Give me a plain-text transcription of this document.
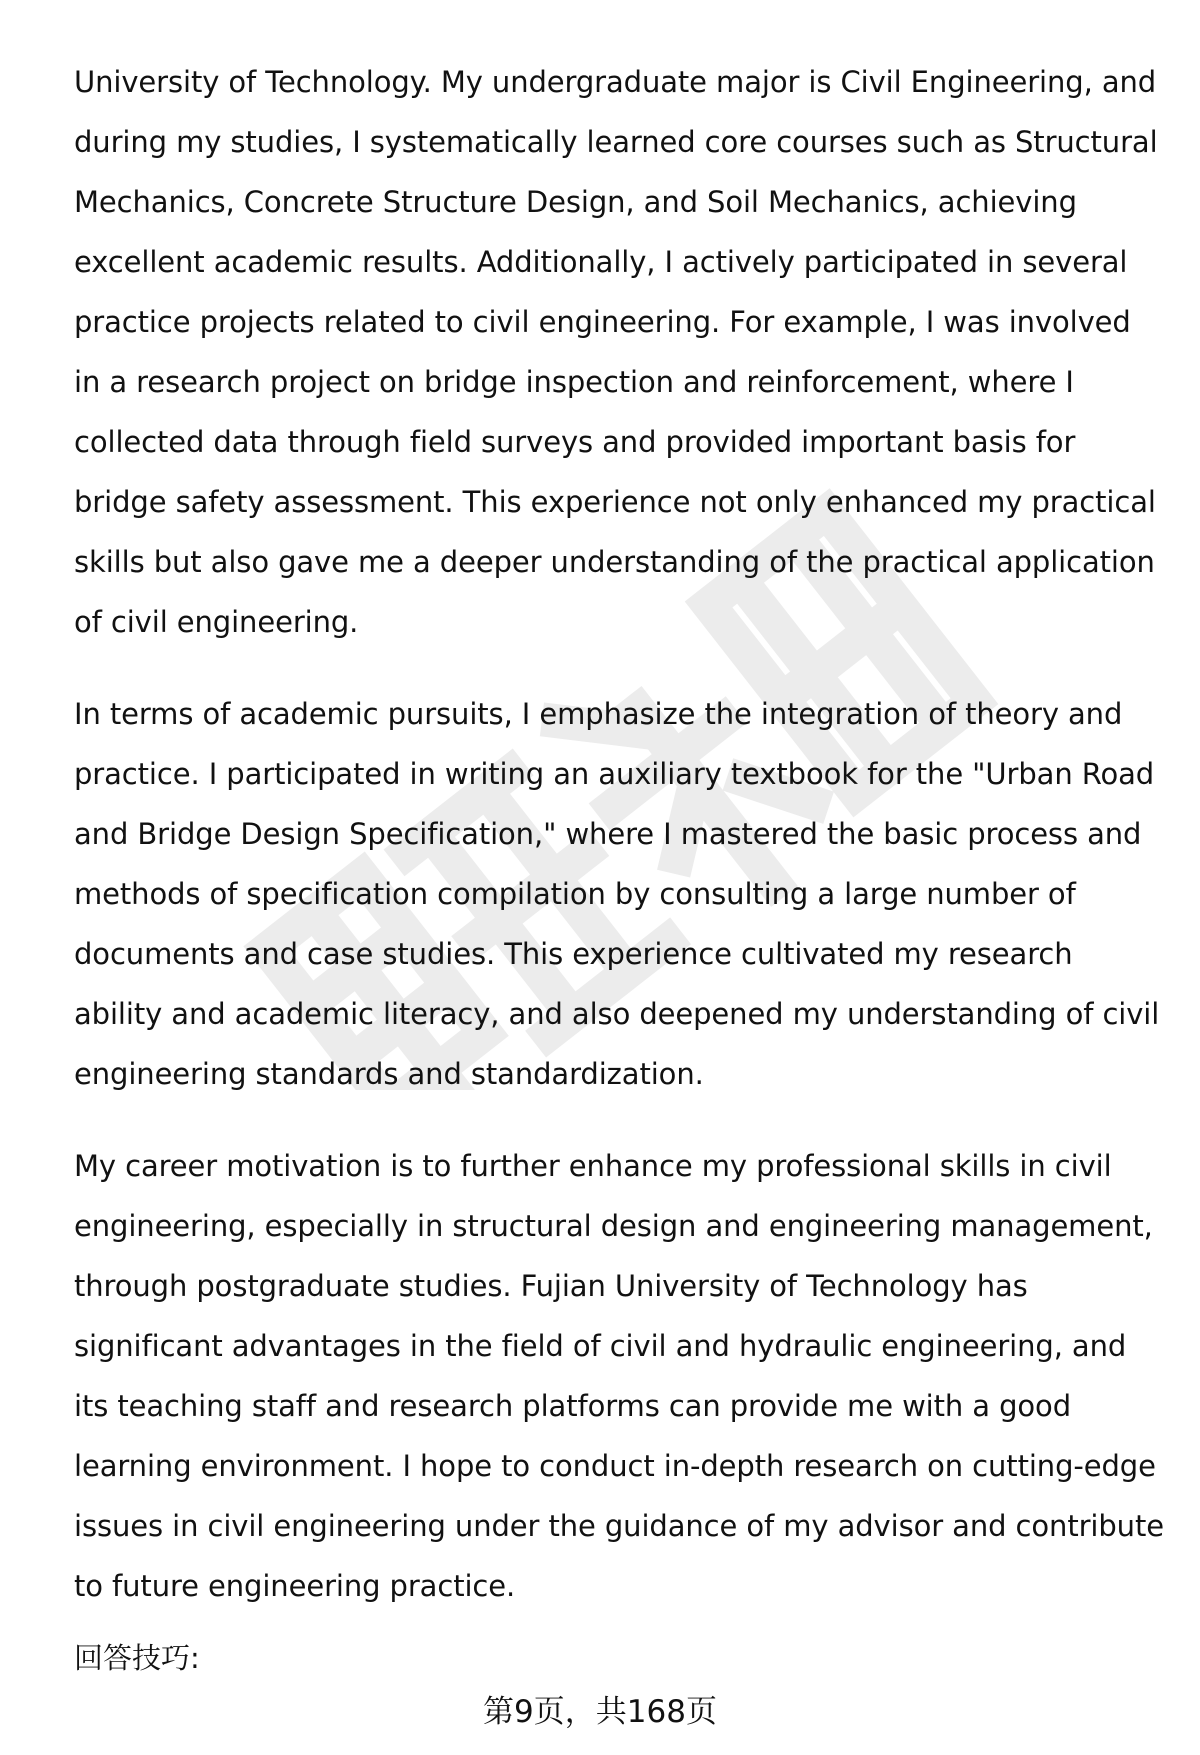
University of Technology. My undergraduate major is Civil Engineering, and during my studies, I systematically learned core courses such as Structural Mechanics, Concrete Structure Design, and Soil Mechanics, achieving excellent academic results. Additionally, I actively participated in several practice projects related to civil engineering. For example, I was involved in a research project on bridge inspection and reinforcement, where I collected data through field surveys and provided important basis for bridge safety assessment. This experience not only enhanced my practical skills but also gave me a deeper understanding of the practical application of civil engineering.

In terms of academic pursuits, I emphasize the integration of theory and practice. I participated in writing an auxiliary textbook for the "Urban Road and Bridge Design Specification," where I mastered the basic process and methods of specification compilation by consulting a large number of documents and case studies. This experience cultivated my research ability and academic literacy, and also deepened my understanding of civil engineering standards and standardization.

My career motivation is to further enhance my professional skills in civil engineering, especially in structural design and engineering management, through postgraduate studies. Fujian University of Technology has significant advantages in the field of civil and hydraulic engineering, and its teaching staff and research platforms can provide me with a good learning environment. I hope to conduct in-depth research on cutting-edge issues in civil engineering under the guidance of my advisor and contribute to future engineering practice.

回答技巧:
第9页，共168页
